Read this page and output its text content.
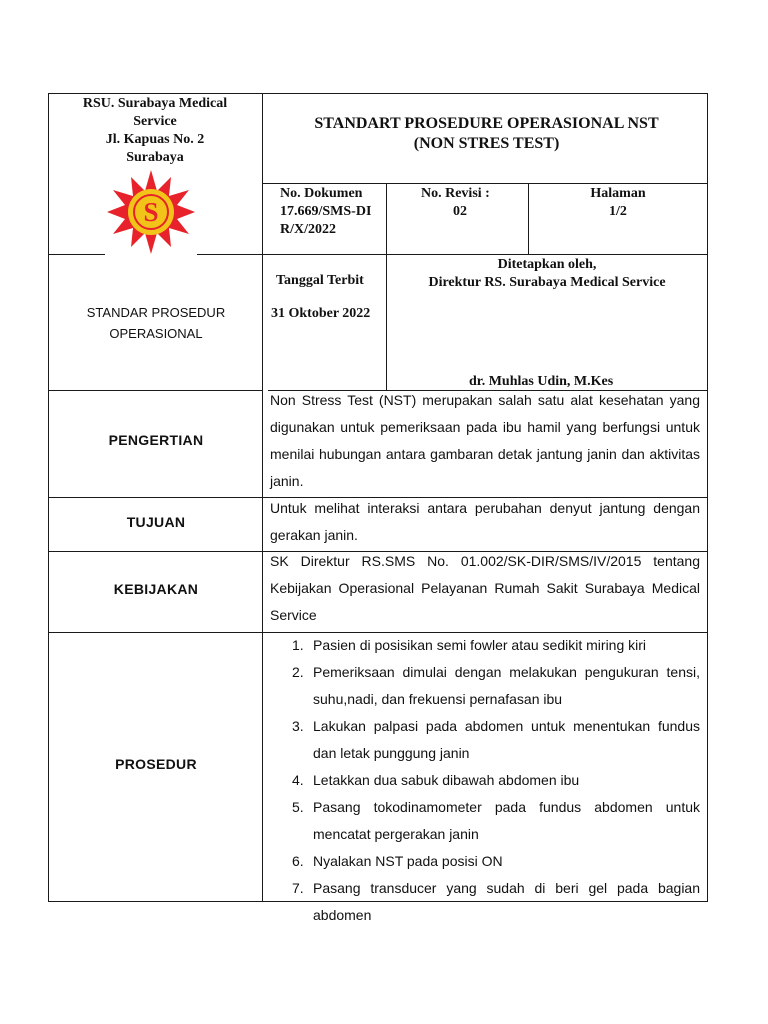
RSU. Surabaya Medical Service
Jl. Kapuas No. 2
Surabaya
S
STANDART PROSEDURE OPERASIONAL NST
(NON STRES TEST)
No. Dokumen
17.669/SMS-DIR/X/2022
No. Revisi :
02
Halaman
1/2
STANDAR PROSEDUR
OPERASIONAL
Tanggal Terbit
31 Oktober 2022
Ditetapkan oleh,
Direktur RS. Surabaya Medical Service
dr. Muhlas Udin, M.Kes
PENGERTIAN
Non Stress Test (NST) merupakan salah satu alat kesehatan yang digunakan untuk pemeriksaan pada ibu hamil yang berfungsi untuk menilai hubungan antara gambaran detak jantung janin dan aktivitas janin.
TUJUAN
Untuk melihat interaksi antara perubahan denyut jantung dengan gerakan janin.
KEBIJAKAN
SK Direktur RS.SMS No. 01.002/SK-DIR/SMS/IV/2015 tentang Kebijakan Operasional Pelayanan Rumah Sakit Surabaya Medical Service
PROSEDUR
1. Pasien di posisikan semi fowler atau sedikit miring kiri
2. Pemeriksaan dimulai dengan melakukan pengukuran tensi, suhu,nadi, dan frekuensi pernafasan ibu
3. Lakukan palpasi pada abdomen untuk menentukan fundus dan letak punggung janin
4. Letakkan dua sabuk dibawah abdomen ibu
5. Pasang tokodinamometer pada fundus abdomen untuk mencatat pergerakan janin
6. Nyalakan NST pada posisi ON
7. Pasang transducer yang sudah di beri gel pada bagian abdomen
